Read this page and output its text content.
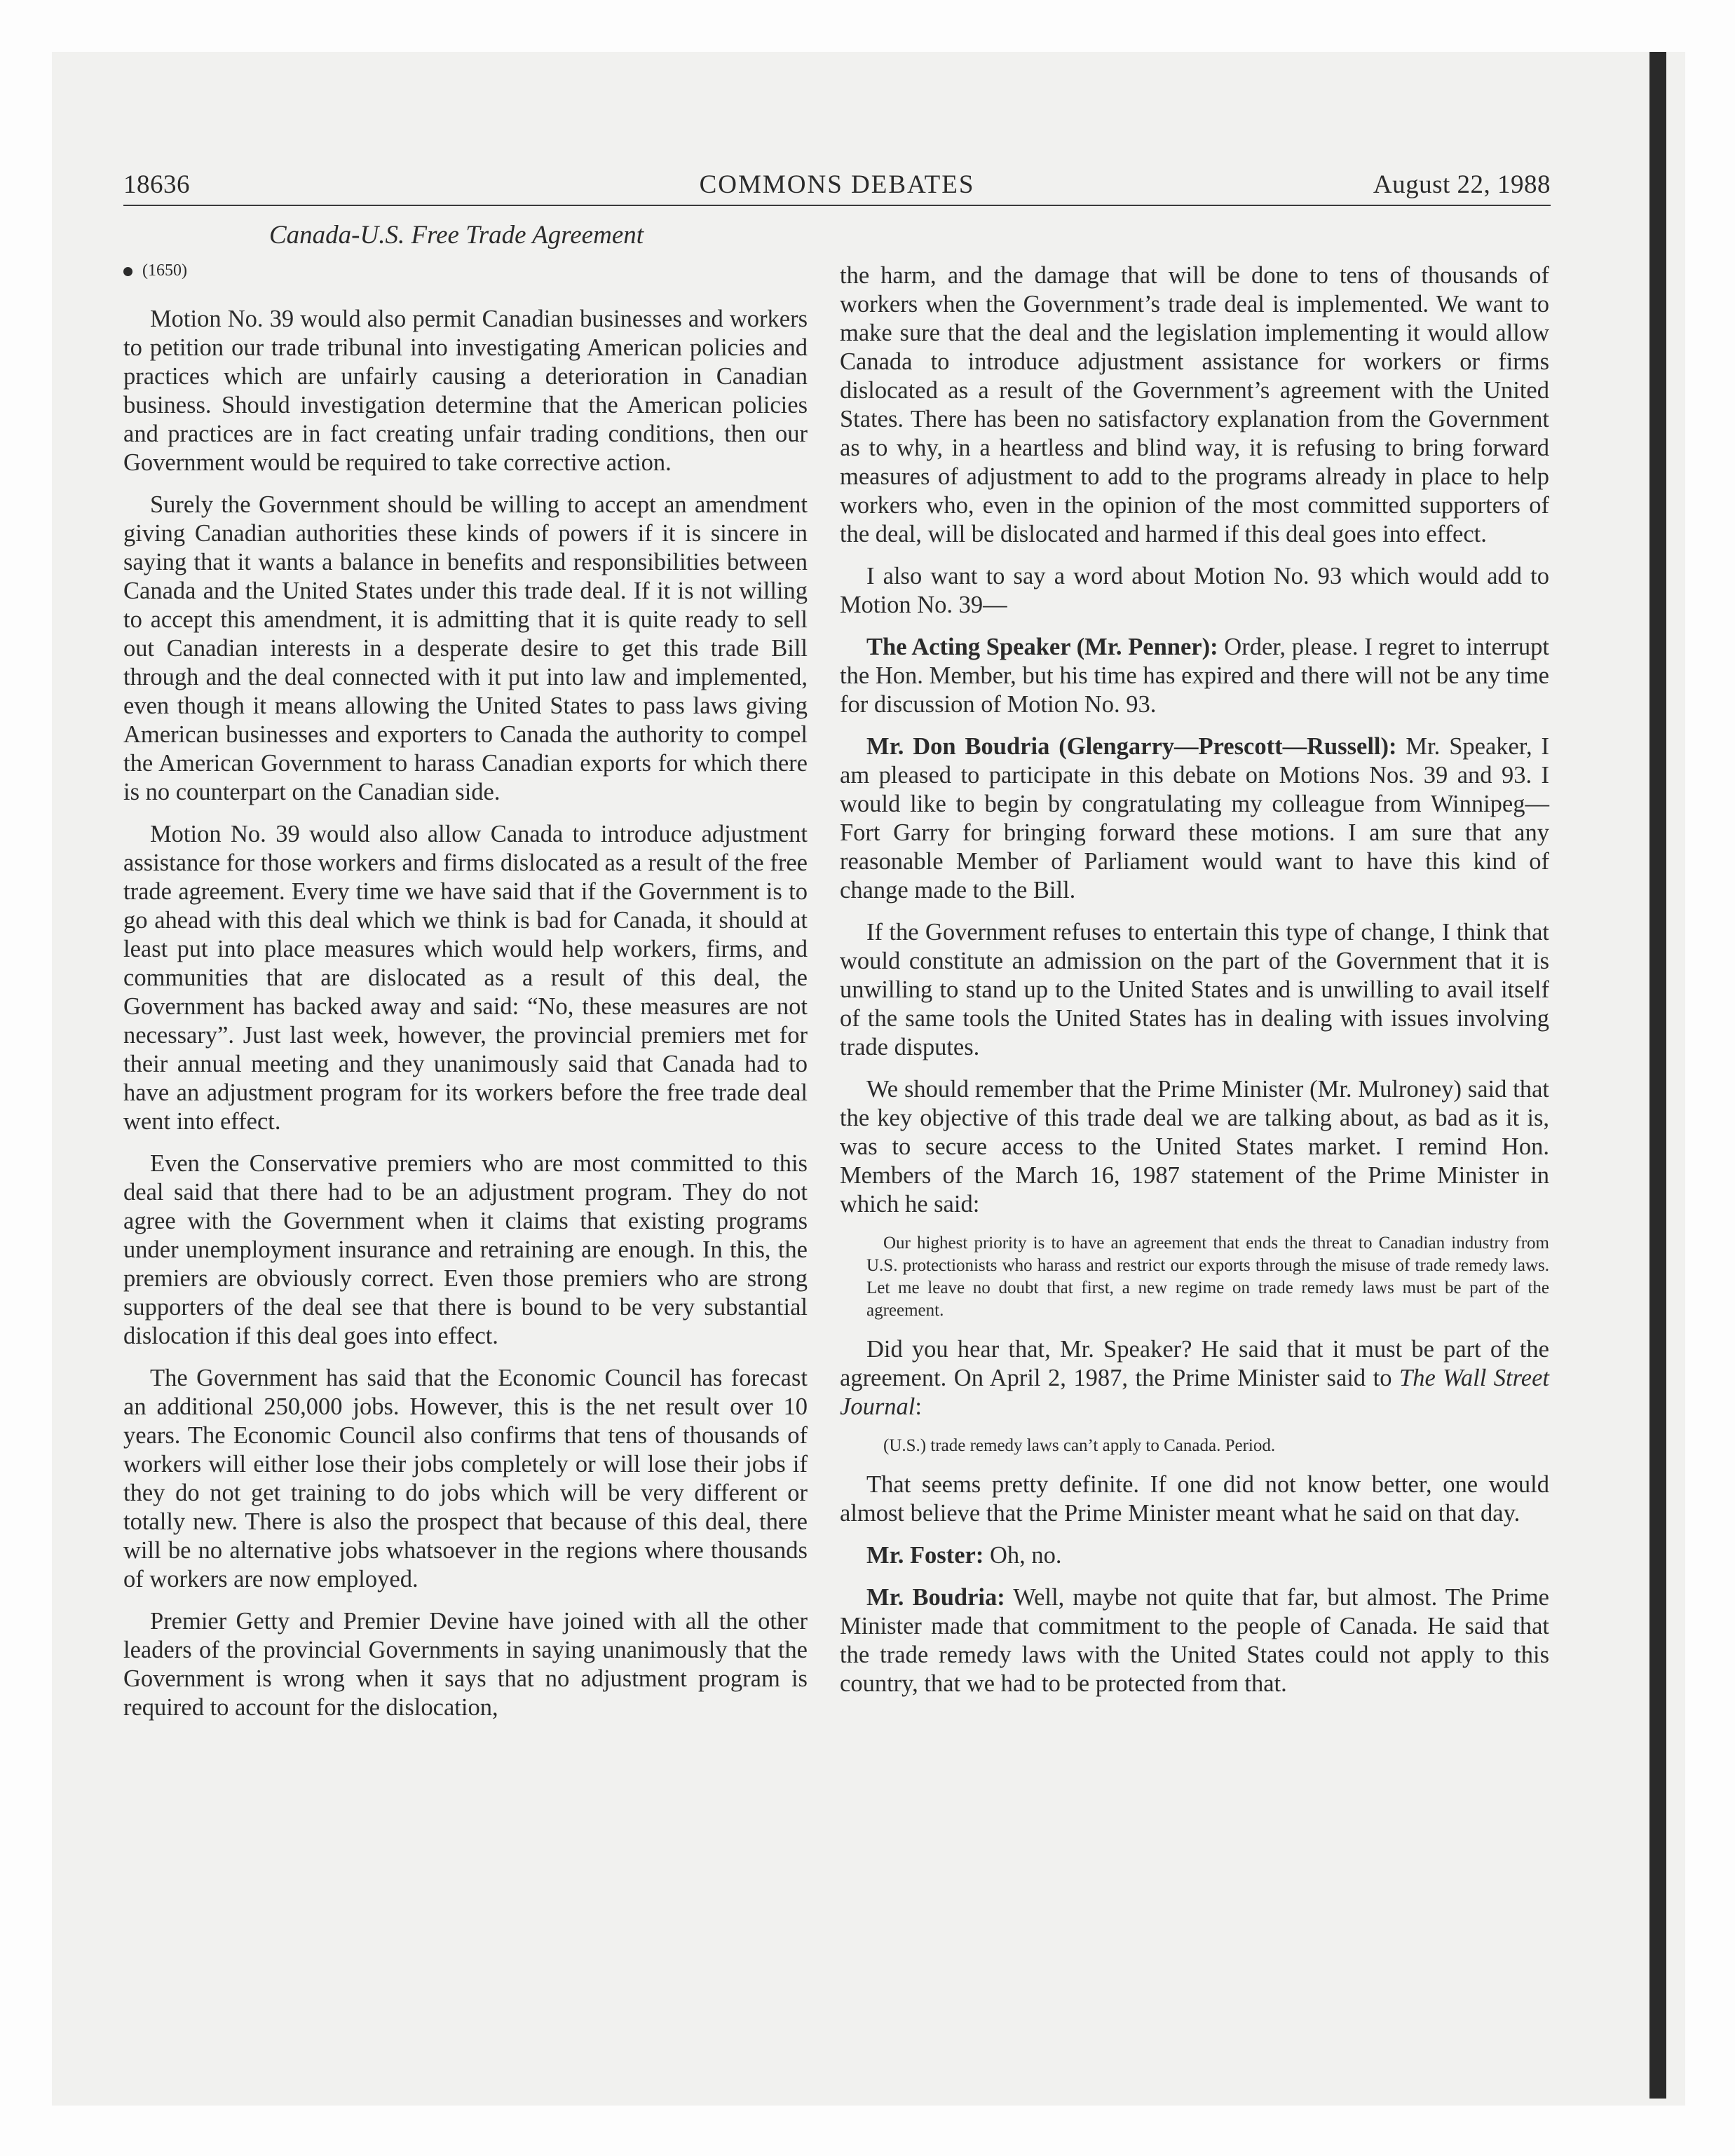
18636	COMMONS DEBATES	August 22, 1988
Canada-U.S. Free Trade Agreement
(1650)

Motion No. 39 would also permit Canadian businesses and workers to petition our trade tribunal into investigating American policies and practices which are unfairly causing a deterioration in Canadian business. Should investigation determine that the American policies and practices are in fact creating unfair trading conditions, then our Government would be required to take corrective action.

Surely the Government should be willing to accept an amendment giving Canadian authorities these kinds of powers if it is sincere in saying that it wants a balance in benefits and responsibilities between Canada and the United States under this trade deal. If it is not willing to accept this amendment, it is admitting that it is quite ready to sell out Canadian interests in a desperate desire to get this trade Bill through and the deal connected with it put into law and implemented, even though it means allowing the United States to pass laws giving American businesses and exporters to Canada the authority to compel the American Government to harass Canadian exports for which there is no counterpart on the Canadian side.

Motion No. 39 would also allow Canada to introduce adjustment assistance for those workers and firms dislocated as a result of the free trade agreement. Every time we have said that if the Government is to go ahead with this deal which we think is bad for Canada, it should at least put into place measures which would help workers, firms, and communities that are dislocated as a result of this deal, the Government has backed away and said: “No, these measures are not necessary”. Just last week, however, the provincial premiers met for their annual meeting and they unanimously said that Canada had to have an adjustment program for its workers before the free trade deal went into effect.

Even the Conservative premiers who are most committed to this deal said that there had to be an adjustment program. They do not agree with the Government when it claims that existing programs under unemployment insurance and retraining are enough. In this, the premiers are obviously correct. Even those premiers who are strong supporters of the deal see that there is bound to be very substantial dislocation if this deal goes into effect.

The Government has said that the Economic Council has forecast an additional 250,000 jobs. However, this is the net result over 10 years. The Economic Council also confirms that tens of thousands of workers will either lose their jobs completely or will lose their jobs if they do not get training to do jobs which will be very different or totally new. There is also the prospect that because of this deal, there will be no alternative jobs whatsoever in the regions where thousands of workers are now employed.

Premier Getty and Premier Devine have joined with all the other leaders of the provincial Governments in saying unanimously that the Government is wrong when it says that no adjustment program is required to account for the dislocation,

the harm, and the damage that will be done to tens of thousands of workers when the Government’s trade deal is implemented. We want to make sure that the deal and the legislation implementing it would allow Canada to introduce adjustment assistance for workers or firms dislocated as a result of the Government’s agreement with the United States. There has been no satisfactory explanation from the Government as to why, in a heartless and blind way, it is refusing to bring forward measures of adjustment to add to the programs already in place to help workers who, even in the opinion of the most committed supporters of the deal, will be dislocated and harmed if this deal goes into effect.

I also want to say a word about Motion No. 93 which would add to Motion No. 39—

The Acting Speaker (Mr. Penner): Order, please. I regret to interrupt the Hon. Member, but his time has expired and there will not be any time for discussion of Motion No. 93.

Mr. Don Boudria (Glengarry—Prescott—Russell): Mr. Speaker, I am pleased to participate in this debate on Motions Nos. 39 and 93. I would like to begin by congratulating my colleague from Winnipeg—Fort Garry for bringing forward these motions. I am sure that any reasonable Member of Parliament would want to have this kind of change made to the Bill.

If the Government refuses to entertain this type of change, I think that would constitute an admission on the part of the Government that it is unwilling to stand up to the United States and is unwilling to avail itself of the same tools the United States has in dealing with issues involving trade disputes.

We should remember that the Prime Minister (Mr. Mulroney) said that the key objective of this trade deal we are talking about, as bad as it is, was to secure access to the United States market. I remind Hon. Members of the March 16, 1987 statement of the Prime Minister in which he said:

Our highest priority is to have an agreement that ends the threat to Canadian industry from U.S. protectionists who harass and restrict our exports through the misuse of trade remedy laws. Let me leave no doubt that first, a new regime on trade remedy laws must be part of the agreement.

Did you hear that, Mr. Speaker? He said that it must be part of the agreement. On April 2, 1987, the Prime Minister said to The Wall Street Journal:

(U.S.) trade remedy laws can’t apply to Canada. Period.

That seems pretty definite. If one did not know better, one would almost believe that the Prime Minister meant what he said on that day.

Mr. Foster: Oh, no.

Mr. Boudria: Well, maybe not quite that far, but almost. The Prime Minister made that commitment to the people of Canada. He said that the trade remedy laws with the United States could not apply to this country, that we had to be protected from that.
